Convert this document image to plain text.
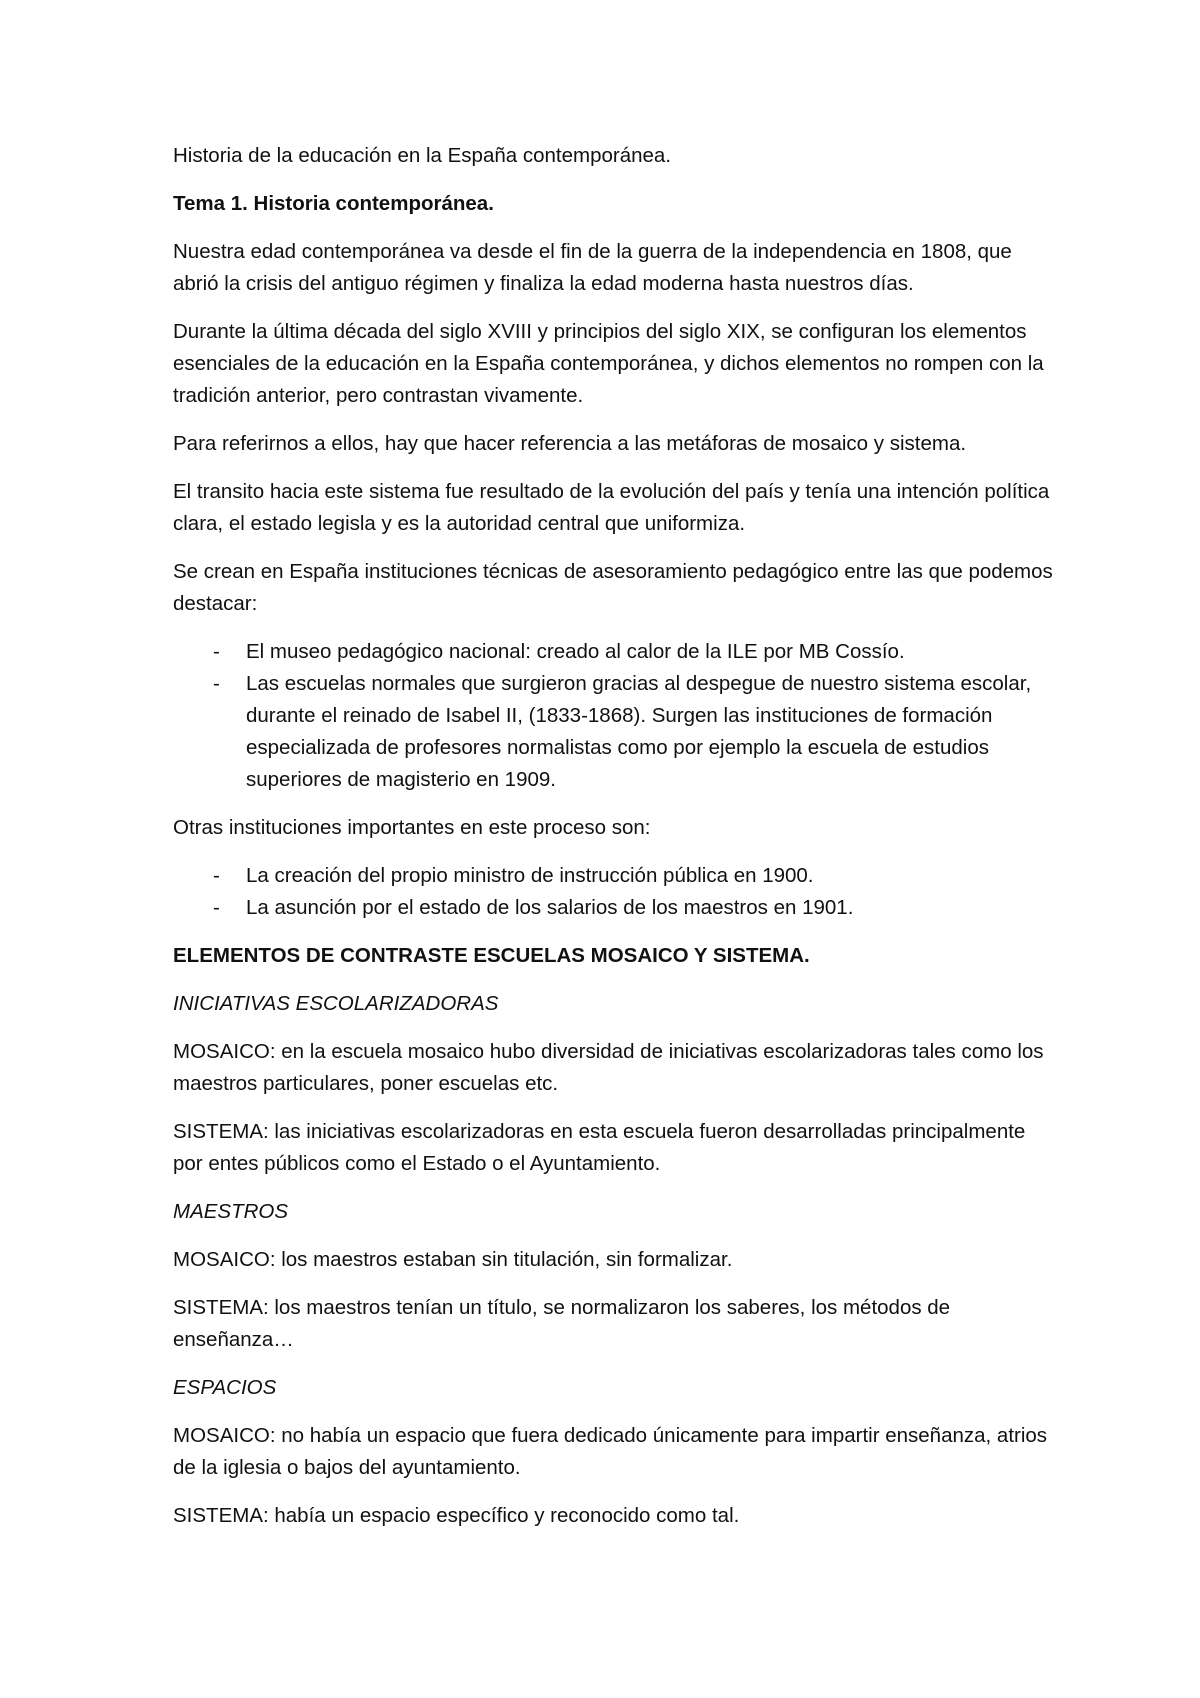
Historia de la educación en la España contemporánea.

Tema 1. Historia contemporánea.

Nuestra edad contemporánea va desde el fin de la guerra de la independencia en 1808, que abrió la crisis del antiguo régimen y finaliza la edad moderna hasta nuestros días.

Durante la última década del siglo XVIII y principios del siglo XIX, se configuran los elementos esenciales de la educación en la España contemporánea, y dichos elementos no rompen con la tradición anterior, pero contrastan vivamente.

Para referirnos a ellos, hay que hacer referencia a las metáforas de mosaico y sistema.

El transito hacia este sistema fue resultado de la evolución del país y tenía una intención política clara, el estado legisla y es la autoridad central que uniformiza.

Se crean en España instituciones técnicas de asesoramiento pedagógico entre las que podemos destacar:

- El museo pedagógico nacional: creado al calor de la ILE por MB Cossío.
- Las escuelas normales que surgieron gracias al despegue de nuestro sistema escolar, durante el reinado de Isabel II, (1833-1868). Surgen las instituciones de formación especializada de profesores normalistas como por ejemplo la escuela de estudios superiores de magisterio en 1909.

Otras instituciones importantes en este proceso son:

- La creación del propio ministro de instrucción pública en 1900.
- La asunción por el estado de los salarios de los maestros en 1901.

ELEMENTOS DE CONTRASTE ESCUELAS MOSAICO Y SISTEMA.

INICIATIVAS ESCOLARIZADORAS

MOSAICO: en la escuela mosaico hubo diversidad de iniciativas escolarizadoras tales como los maestros particulares, poner escuelas etc.

SISTEMA: las iniciativas escolarizadoras en esta escuela fueron desarrolladas principalmente por entes públicos como el Estado o el Ayuntamiento.

MAESTROS

MOSAICO: los maestros estaban sin titulación, sin formalizar.

SISTEMA: los maestros tenían un título, se normalizaron los saberes, los métodos de enseñanza…

ESPACIOS

MOSAICO: no había un espacio que fuera dedicado únicamente para impartir enseñanza, atrios de la iglesia o bajos del ayuntamiento.

SISTEMA: había un espacio específico y reconocido como tal.
